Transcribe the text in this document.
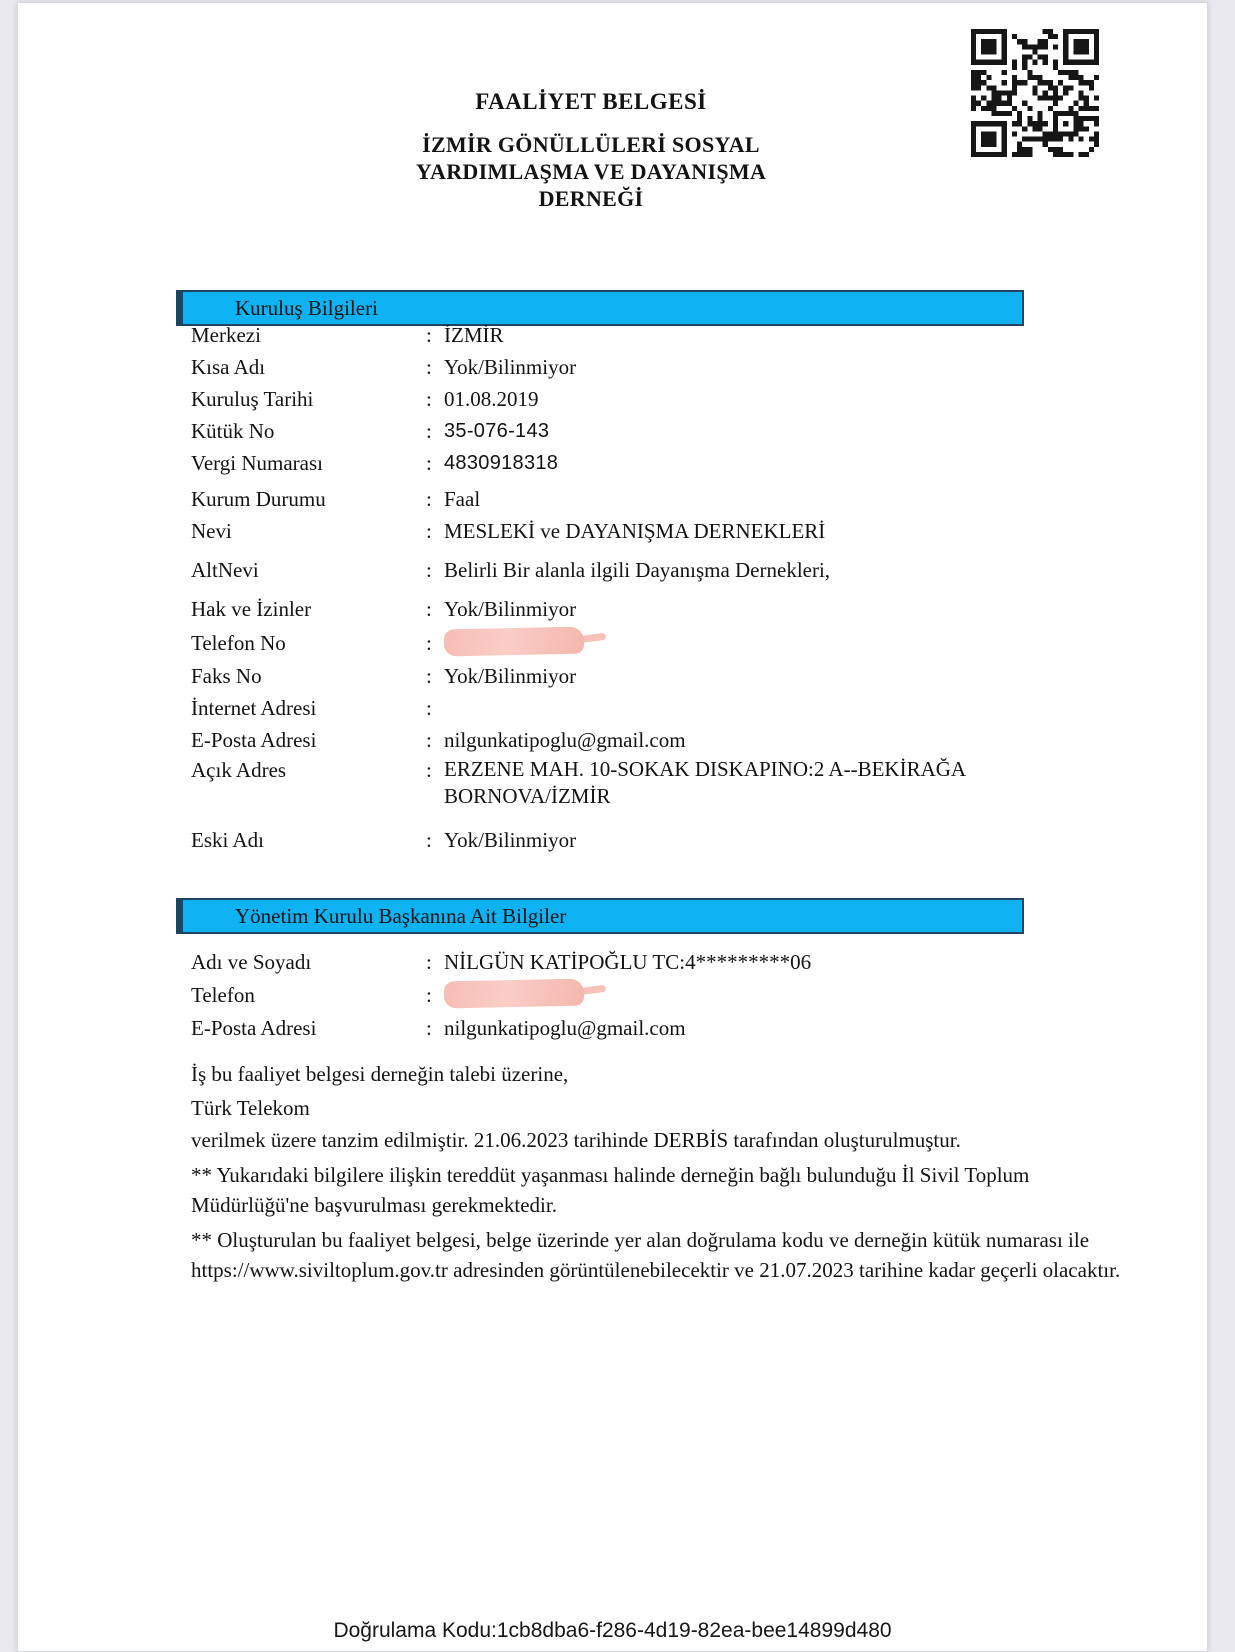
FAALİYET BELGESİ
İZMİR GÖNÜLLÜLERİ SOSYAL
YARDIMLAŞMA VE DAYANIŞMA
DERNEĞİ
Kuruluş Bilgileri
Merkezi	: İZMİR
Kısa Adı	: Yok/Bilinmiyor
Kuruluş Tarihi	: 01.08.2019
Kütük No	: 35-076-143
Vergi Numarası	: 4830918318
Kurum Durumu	: Faal
Nevi	: MESLEKİ ve DAYANIŞMA DERNEKLERİ
AltNevi	: Belirli Bir alanla ilgili Dayanışma Dernekleri,
Hak ve İzinler	: Yok/Bilinmiyor
Telefon No	:
Faks No	: Yok/Bilinmiyor
İnternet Adresi	:
E-Posta Adresi	: nilgunkatipoglu@gmail.com
Açık Adres	: ERZENE MAH. 10-SOKAK DISKAPINO:2 A--BEKİRAĞA BORNOVA/İZMİR
Eski Adı	: Yok/Bilinmiyor
Yönetim Kurulu Başkanına Ait Bilgiler
Adı ve Soyadı	: NİLGÜN KATİPOĞLU TC:4*********06
Telefon	:
E-Posta Adresi	: nilgunkatipoglu@gmail.com

İş bu faaliyet belgesi derneğin talebi üzerine,

Türk Telekom

verilmek üzere tanzim edilmiştir. 21.06.2023 tarihinde DERBİS tarafından oluşturulmuştur.

** Yukarıdaki bilgilere ilişkin tereddüt yaşanması halinde derneğin bağlı bulunduğu İl Sivil Toplum Müdürlüğü'ne başvurulması gerekmektedir.

** Oluşturulan bu faaliyet belgesi, belge üzerinde yer alan doğrulama kodu ve derneğin kütük numarası ile https://www.siviltoplum.gov.tr adresinden görüntülenebilecektir ve 21.07.2023 tarihine kadar geçerli olacaktır.

Doğrulama Kodu:1cb8dba6-f286-4d19-82ea-bee14899d480
